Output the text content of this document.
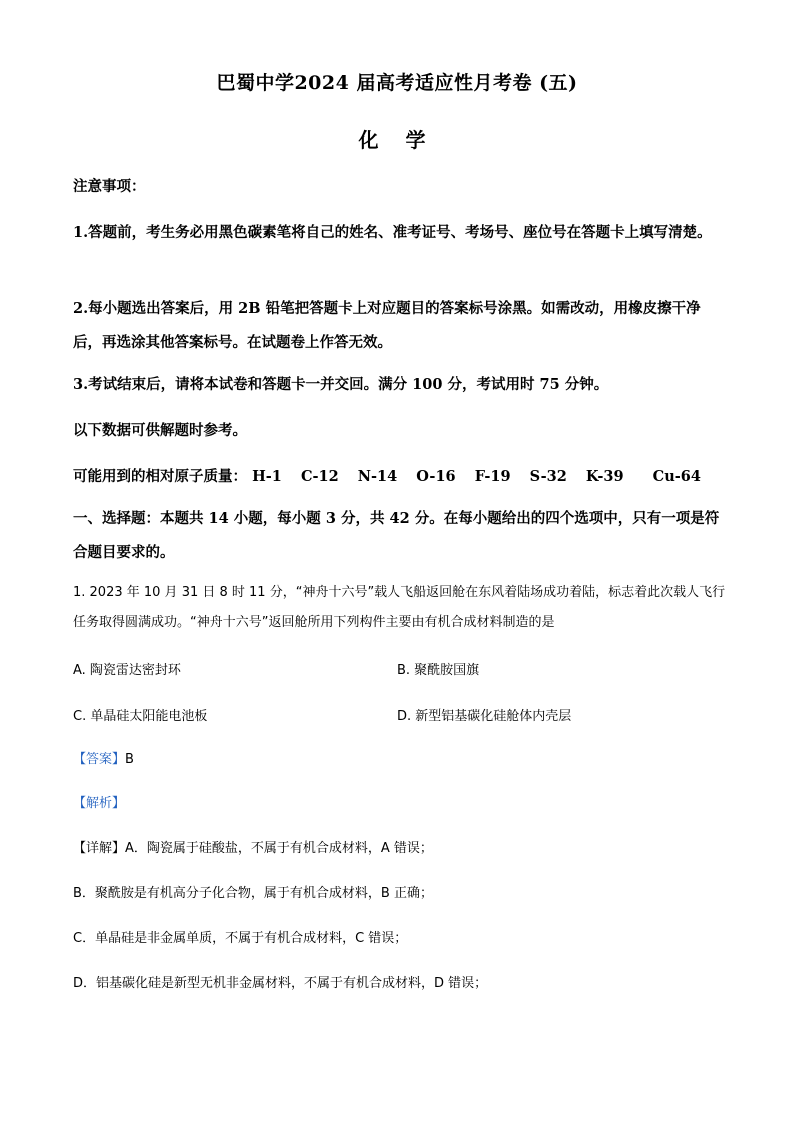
巴蜀中学2024 届高考适应性月考卷 (五)
化 学
注意事项：
1.答题前，考生务必用黑色碳素笔将自己的姓名、准考证号、考场号、座位号在答题卡上填写清楚。
2.每小题选出答案后，用 2B 铅笔把答题卡上对应题目的答案标号涂黑。如需改动，用橡皮擦干净后，再选涂其他答案标号。在试题卷上作答无效。
3.考试结束后，请将本试卷和答题卡一并交回。满分 100 分，考试用时 75 分钟。
以下数据可供解题时参考。
可能用到的相对原子质量： H-1 C-12 N-14 O-16 F-19 S-32 K-39 Cu-64
一、选择题：本题共 14 小题，每小题 3 分，共 42 分。在每小题给出的四个选项中，只有一项是符合题目要求的。
1. 2023 年 10 月 31 日 8 时 11 分，“神舟十六号”载人飞船返回舱在东风着陆场成功着陆，标志着此次载人飞行任务取得圆满成功。“神舟十六号”返回舱所用下列构件主要由有机合成材料制造的是
A. 陶瓷雷达密封环	B. 聚酰胺国旗
C. 单晶硅太阳能电池板	D. 新型铝基碳化硅舱体内壳层
【答案】B
【解析】
【详解】A．陶瓷属于硅酸盐，不属于有机合成材料，A 错误；
B．聚酰胺是有机高分子化合物，属于有机合成材料，B 正确；
C．单晶硅是非金属单质，不属于有机合成材料，C 错误；
D．铝基碳化硅是新型无机非金属材料，不属于有机合成材料，D 错误；
